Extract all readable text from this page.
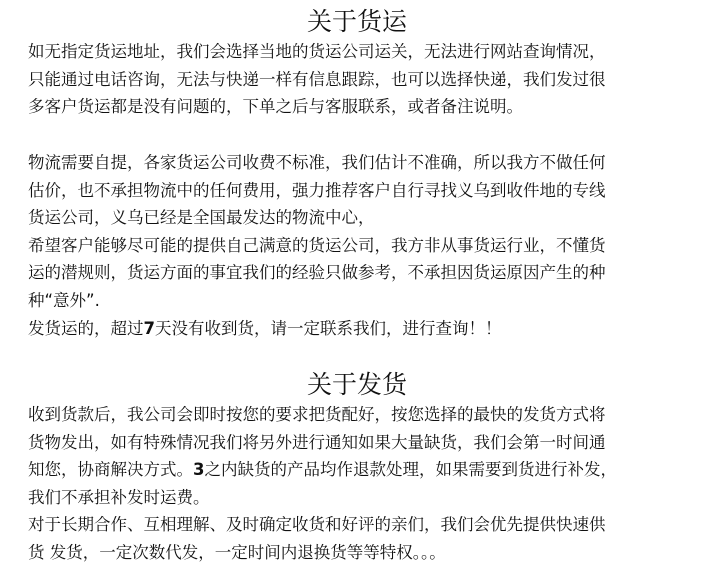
关于货运
如无指定货运地址，我们会选择当地的货运公司运关，无法进行网站查询情况，
只能通过电话咨询，无法与快递一样有信息跟踪，也可以选择快递，我们发过很
多客户货运都是没有问题的，下单之后与客服联系，或者备注说明。
物流需要自提，各家货运公司收费不标准，我们估计不准确，所以我方不做任何
估价，也不承担物流中的任何费用，强力推荐客户自行寻找义乌到收件地的专线
货运公司，义乌已经是全国最发达的物流中心，
希望客户能够尽可能的提供自己满意的货运公司，我方非从事货运行业，不懂货
运的潜规则，货运方面的事宜我们的经验只做参考，不承担因货运原因产生的种
种“意外”.
发货运的，超过7天没有收到货，请一定联系我们，进行查询！！
关于发货
收到货款后，我公司会即时按您的要求把货配好，按您选择的最快的发货方式将
货物发出，如有特殊情况我们将另外进行通知如果大量缺货，我们会第一时间通
知您，协商解决方式。3之内缺货的产品均作退款处理，如果需要到货进行补发，
我们不承担补发时运费。
对于长期合作、互相理解、及时确定收货和好评的亲们，我们会优先提供快速供
货 发货，一定次数代发，一定时间内退换货等等特权。。。
